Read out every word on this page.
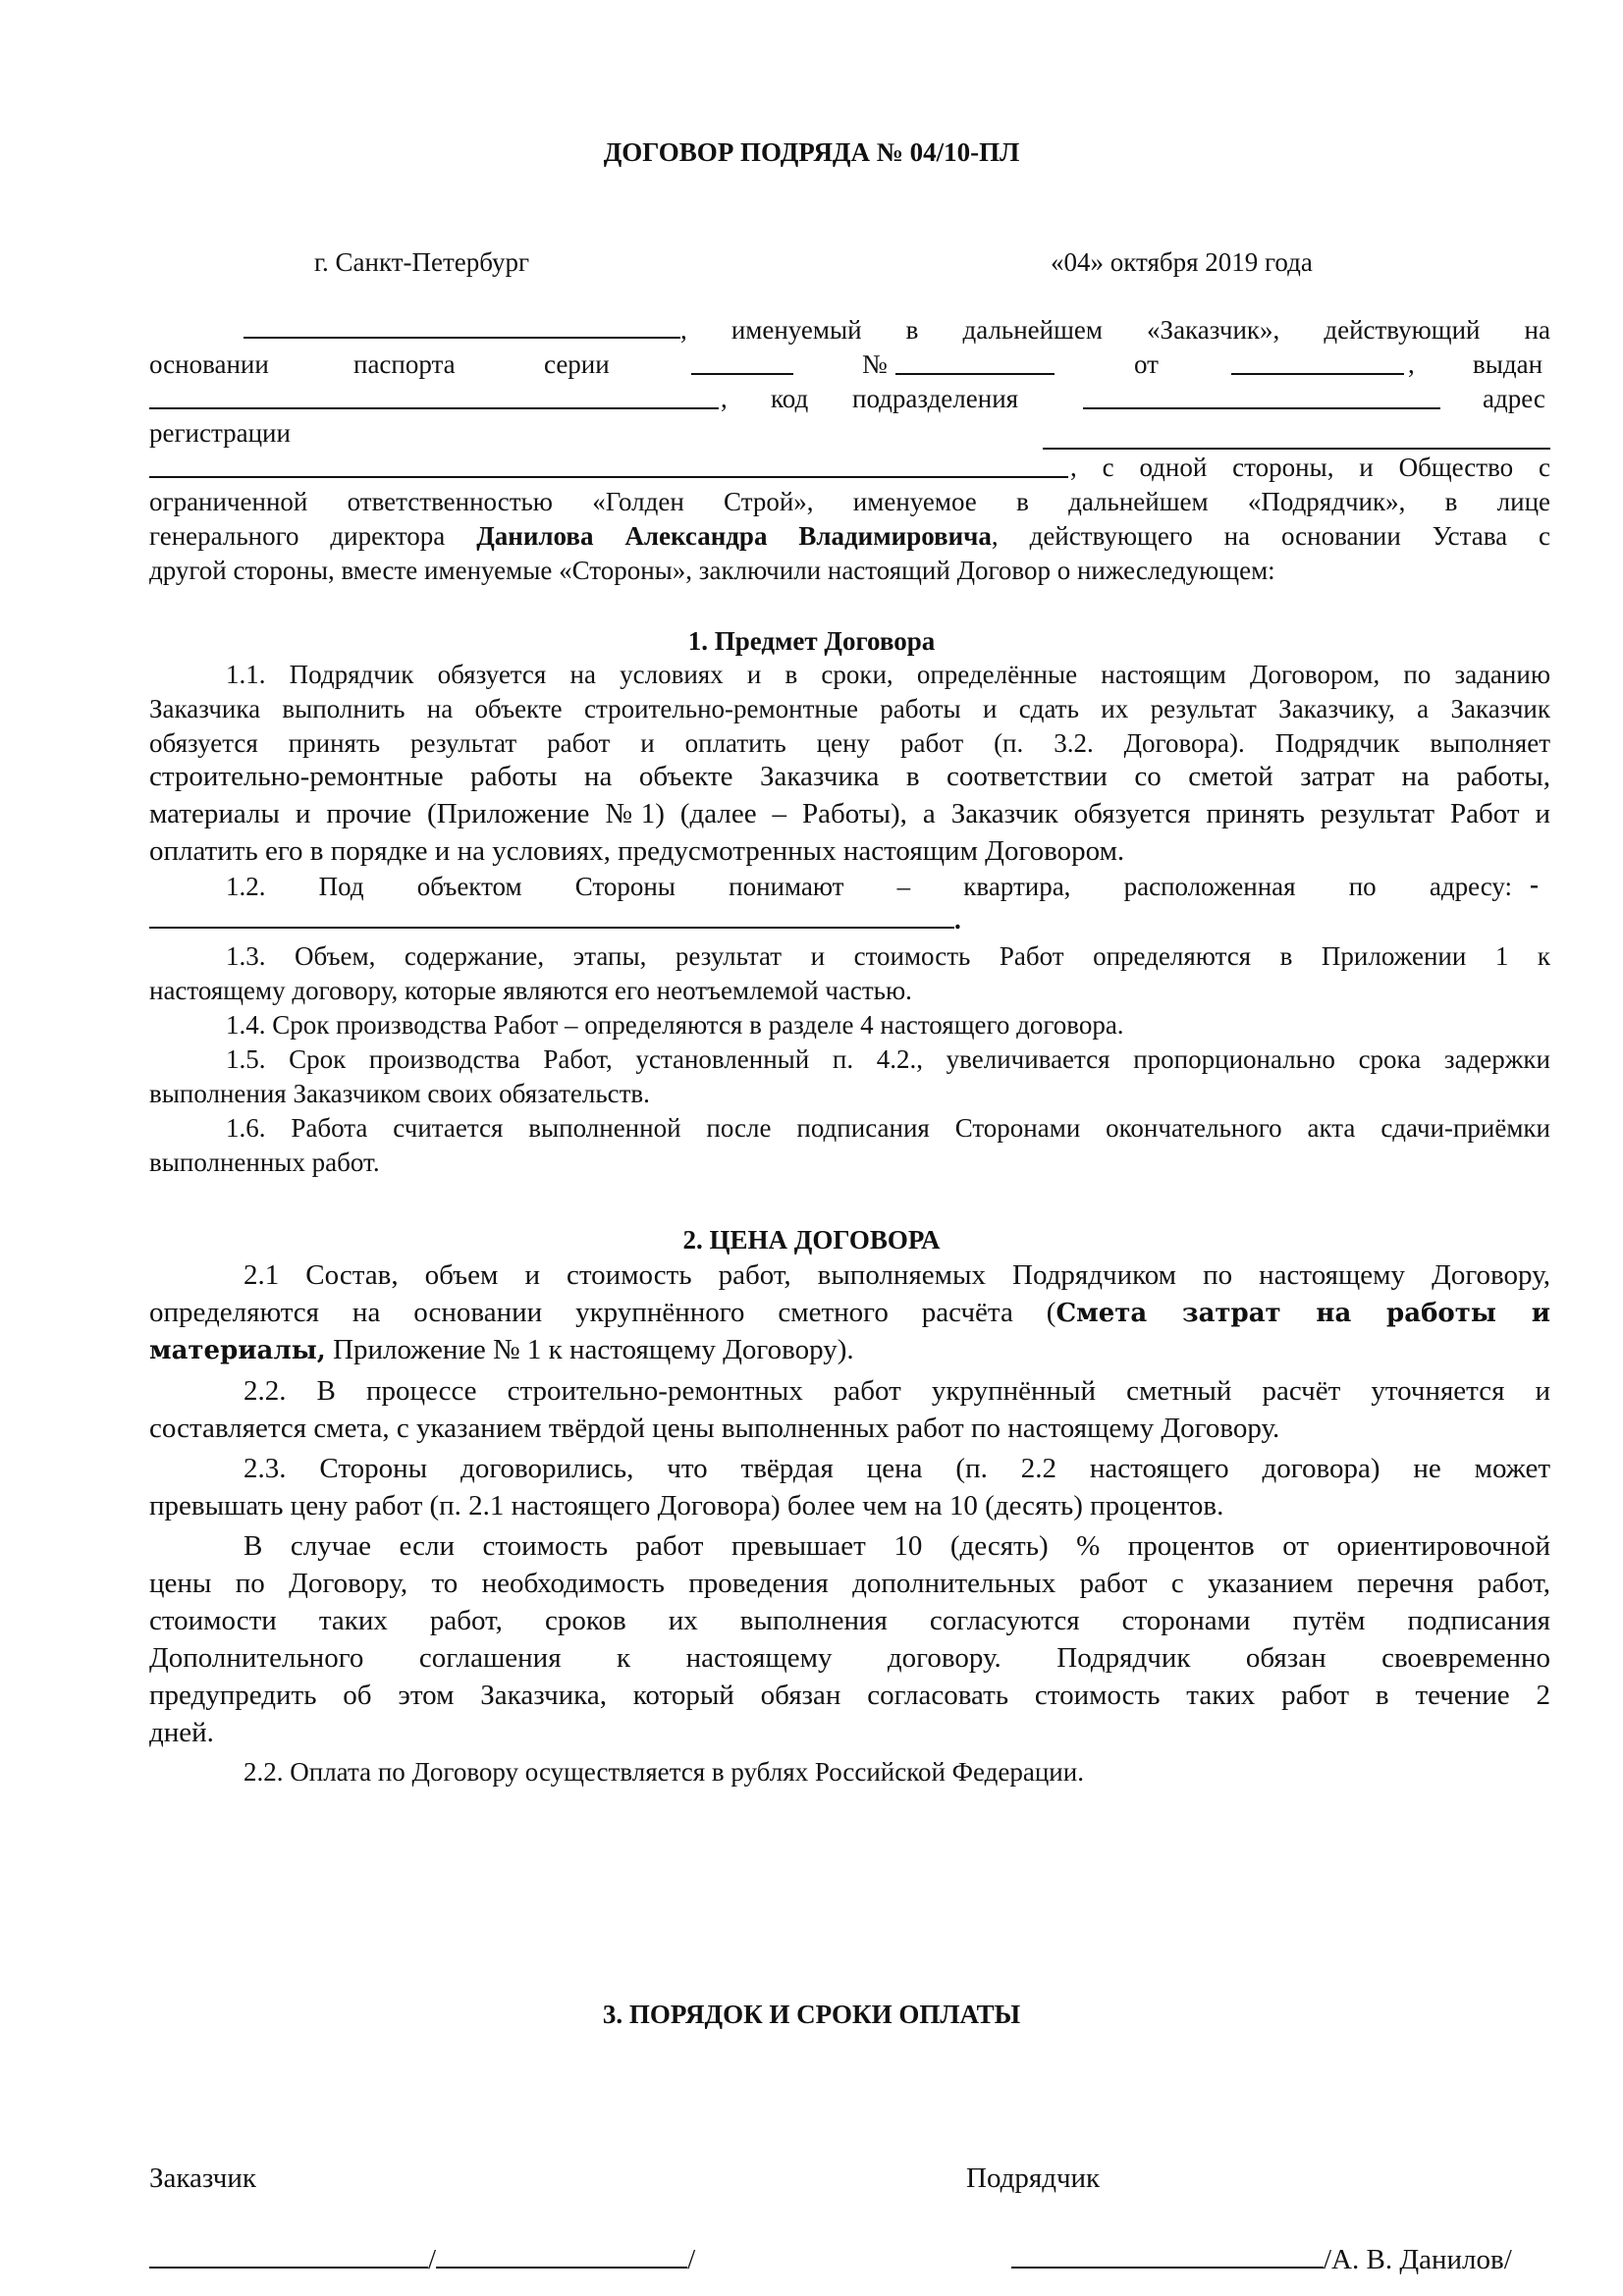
ДОГОВОР ПОДРЯДА № 04/10-ПЛ
г. Санкт-Петербург	«04» октября 2019 года
, именуемый в дальнейшем «Заказчик», действующий на
основании	паспорта	серии	№	от	, выдан
, код подразделения	адрес
регистрации
, с одной стороны, и Общество с
ограниченной ответственностью «Голден Строй», именуемое в дальнейшем «Подрядчик», в лице
генерального директора Данилова Александра Владимировича, действующего на основании Устава с
другой стороны, вместе именуемые «Стороны», заключили настоящий Договор о нижеследующем:
1. Предмет Договора
1.1. Подрядчик обязуется на условиях и в сроки, определённые настоящим Договором, по заданию
Заказчика выполнить на объекте строительно-ремонтные работы и сдать их результат Заказчику, а Заказчик
обязуется принять результат работ и оплатить цену работ (п. 3.2. Договора). Подрядчик выполняет
строительно-ремонтные работы на объекте Заказчика в соответствии со сметой затрат на работы,
материалы и прочие (Приложение №1) (далее – Работы), а Заказчик обязуется принять результат Работ и
оплатить его в порядке и на условиях, предусмотренных настоящим Договором.
1.2. Под объектом Стороны понимают – квартира, расположенная по адресу: -
.
1.3. Объем, содержание, этапы, результат и стоимость Работ определяются в Приложении 1 к
настоящему договору, которые являются его неотъемлемой частью.
1.4. Срок производства Работ – определяются в разделе 4 настоящего договора.
1.5. Срок производства Работ, установленный п. 4.2., увеличивается пропорционально срока задержки
выполнения Заказчиком своих обязательств.
1.6. Работа считается выполненной после подписания Сторонами окончательного акта сдачи-приёмки
выполненных работ.
2. ЦЕНА ДОГОВОРА
2.1 Состав, объем и стоимость работ, выполняемых Подрядчиком по настоящему Договору,
определяются на основании укрупнённого сметного расчёта (Смета затрат на работы и
материалы, Приложение № 1 к настоящему Договору).
2.2. В процессе строительно-ремонтных работ укрупнённый сметный расчёт уточняется и
составляется смета, с указанием твёрдой цены выполненных работ по настоящему Договору.
2.3. Стороны договорились, что твёрдая цена (п. 2.2 настоящего договора) не может
превышать цену работ (п. 2.1 настоящего Договора) более чем на 10 (десять) процентов.
В случае если стоимость работ превышает 10 (десять) % процентов от ориентировочной
цены по Договору, то необходимость проведения дополнительных работ с указанием перечня работ,
стоимости таких работ, сроков их выполнения согласуются сторонами путём подписания
Дополнительного соглашения к настоящему договору. Подрядчик обязан своевременно
предупредить об этом Заказчика, который обязан согласовать стоимость таких работ в течение 2
дней.
2.2. Оплата по Договору осуществляется в рублях Российской Федерации.
3. ПОРЯДОК И СРОКИ ОПЛАТЫ
Заказчик	Подрядчик
/	/	/А. В. Данилов/
